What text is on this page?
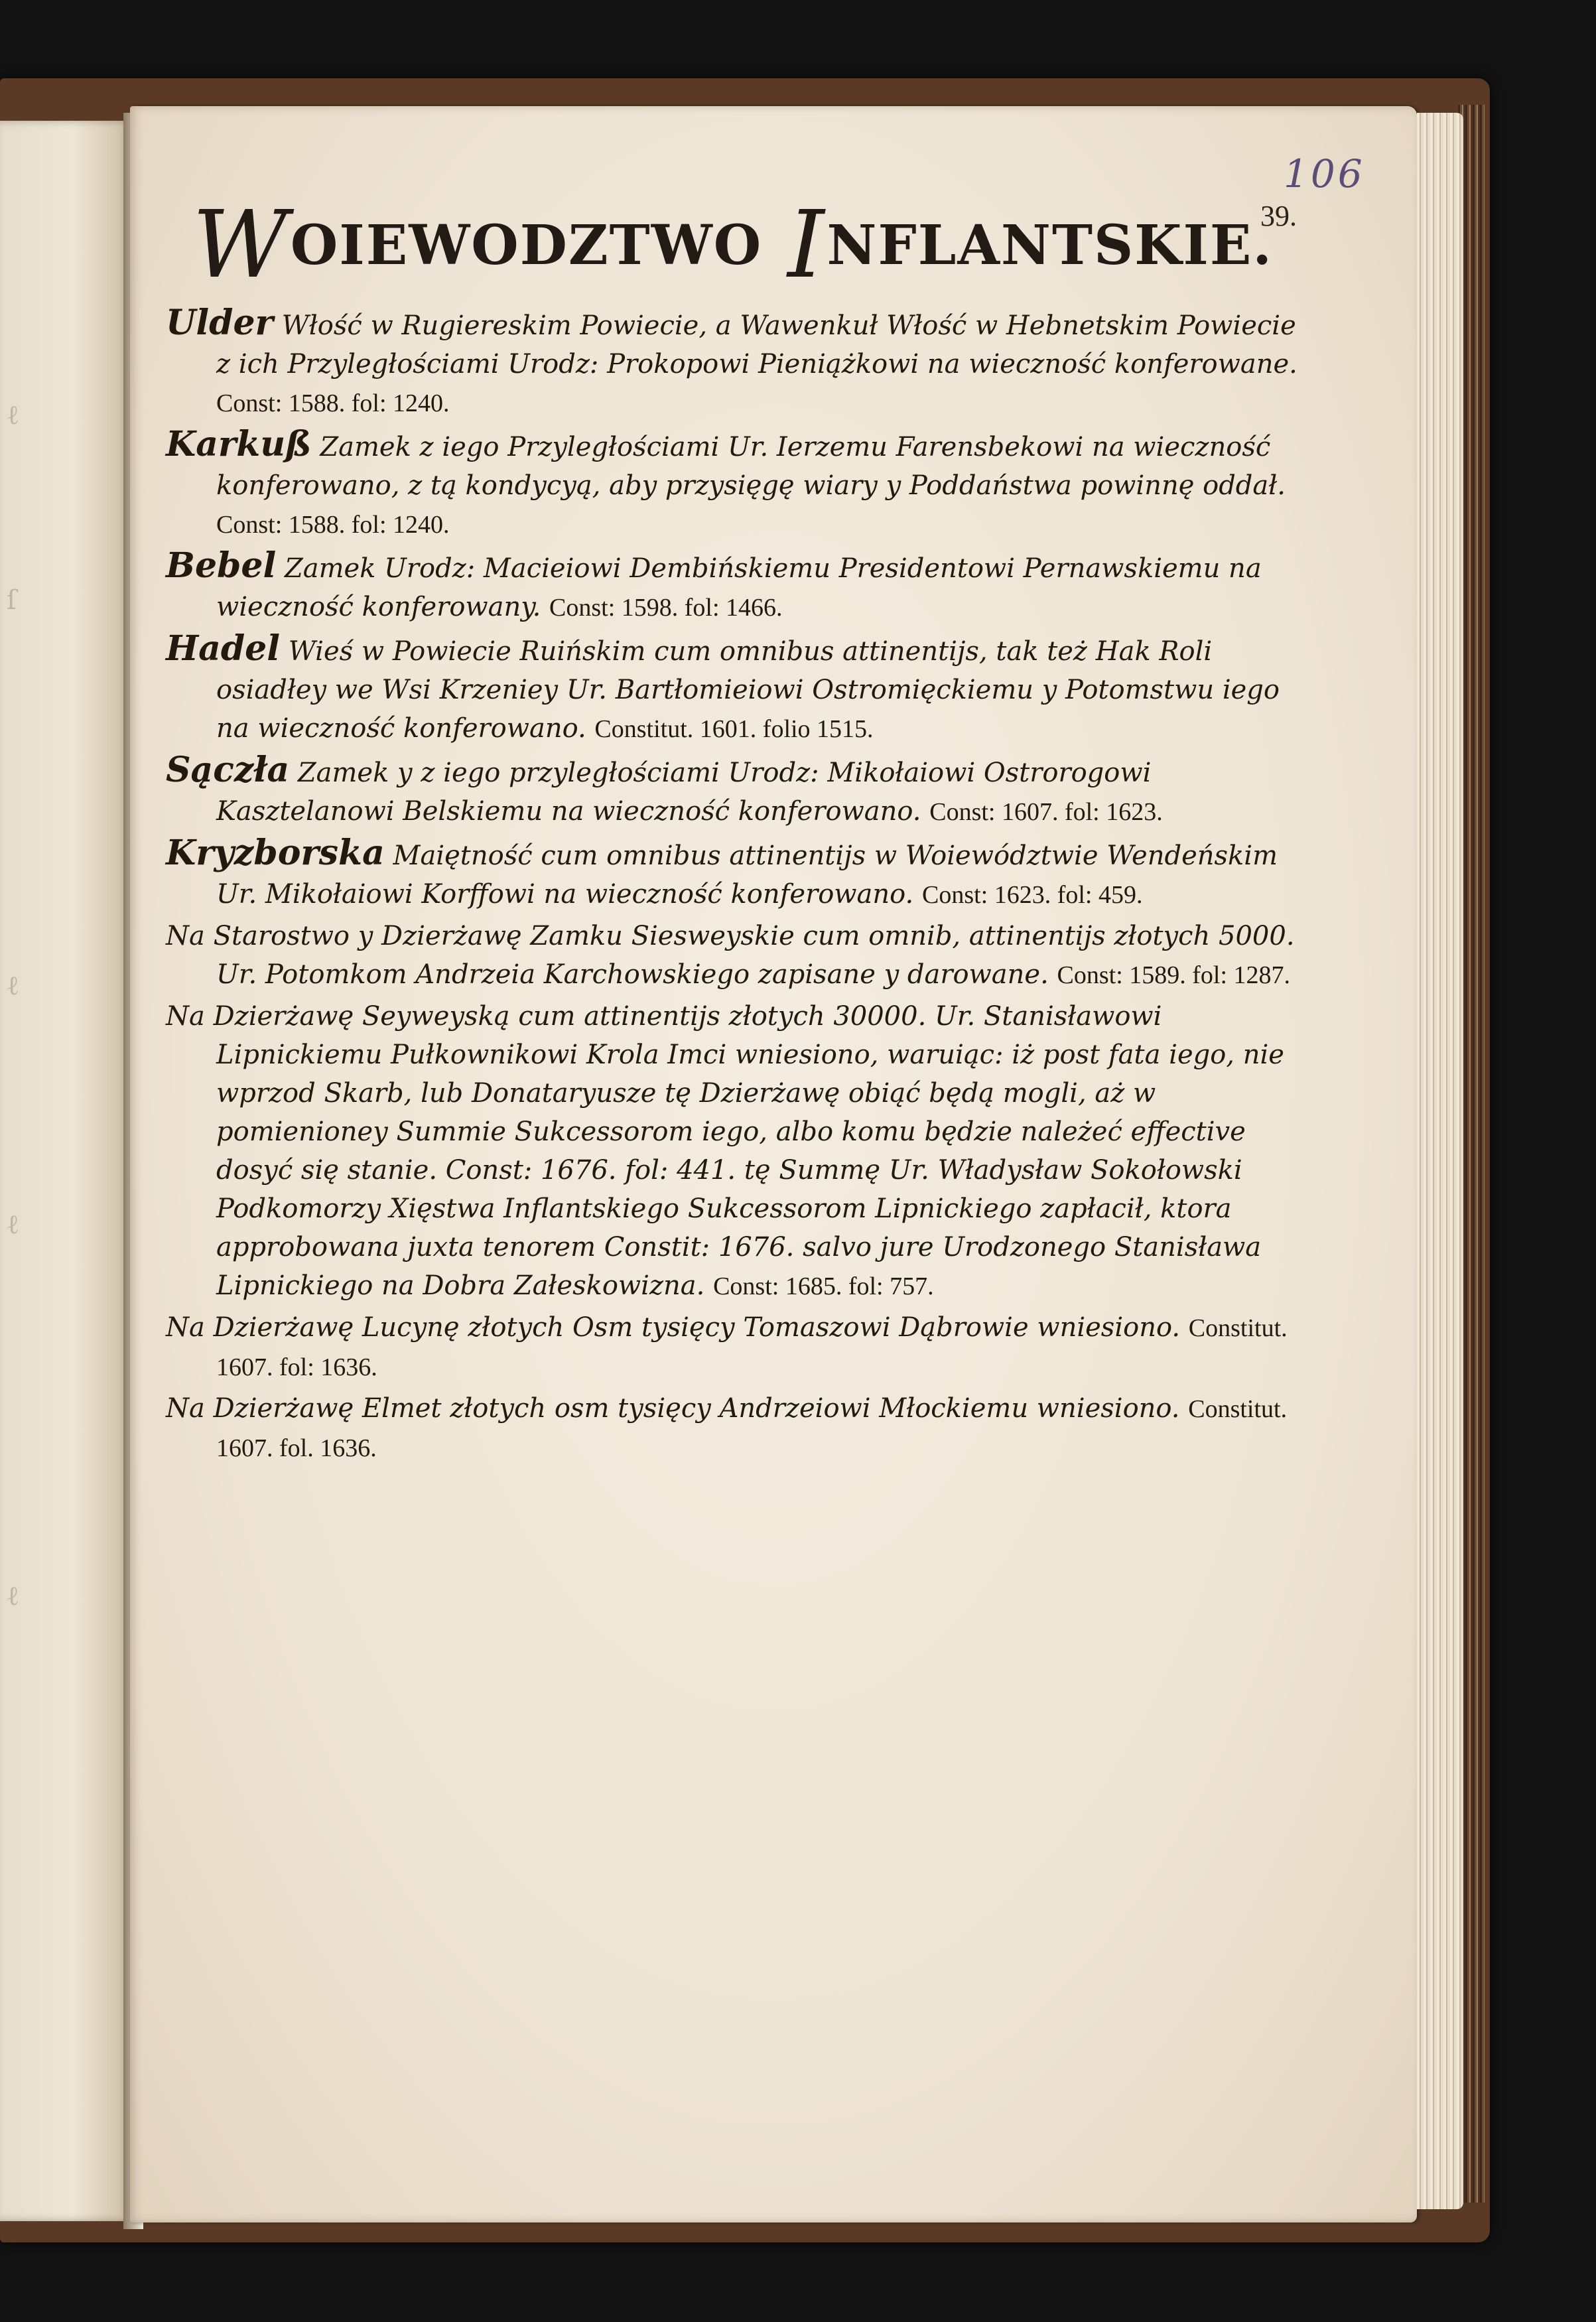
ℓ
ſ
ℓ
ℓ
ℓ
106
39.
W OIEWODZTWO I NFLANTSKIE.

Ulder Włość w Rugiereskim Powiecie, a Wawenkuł Włość w Hebnetskim Powiecie z ich Przyległościami Urodz: Prokopowi Pieniążkowi na wieczność konferowane. Const: 1588. fol: 1240.

Karkuß Zamek z iego Przyległościami Ur. Ierzemu Farensbekowi na wieczność konferowano, z tą kondycyą, aby przysięgę wiary y Poddaństwa powinnę oddał. Const: 1588. fol: 1240.

Bebel Zamek Urodz: Macieiowi Dembińskiemu Presidentowi Pernawskiemu na wieczność konferowany. Const: 1598. fol: 1466.

Hadel Wieś w Powiecie Ruińskim cum omnibus attinentijs, tak też Hak Roli osiadłey we Wsi Krzeniey Ur. Bartłomieiowi Ostromięckiemu y Potomstwu iego na wieczność konferowano. Constitut. 1601. folio 1515.

Sączła Zamek y z iego przyległościami Urodz: Mikołaiowi Ostrorogowi Kasztelanowi Belskiemu na wieczność konferowano. Const: 1607. fol: 1623.

Kryzborska Maiętność cum omnibus attinentijs w Woiewództwie Wendeńskim Ur. Mikołaiowi Korffowi na wieczność konferowano. Const: 1623. fol: 459.

Na Starostwo y Dzierżawę Zamku Siesweyskie cum omnib, attinentijs złotych 5000. Ur. Potomkom Andrzeia Karchowskiego zapisane y darowane. Const: 1589. fol: 1287.

Na Dzierżawę Seyweyską cum attinentijs złotych 30000. Ur. Stanisławowi Lipnickiemu Pułkownikowi Krola Imci wniesiono, waruiąc: iż post fata iego, nie wprzod Skarb, lub Donataryusze tę Dzierżawę obiąć będą mogli, aż w pomienioney Summie Sukcessorom iego, albo komu będzie należeć effective dosyć się stanie. Const: 1676. fol: 441. tę Summę Ur. Władysław Sokołowski Podkomorzy Xięstwa Inflantskiego Sukcessorom Lipnickiego zapłacił, ktora approbowana juxta tenorem Constit: 1676. salvo jure Urodzonego Stanisława Lipnickiego na Dobra Załeskowizna. Const: 1685. fol: 757.

Na Dzierżawę Lucynę złotych Osm tysięcy Tomaszowi Dąbrowie wniesiono. Constitut. 1607. fol: 1636.

Na Dzierżawę Elmet złotych osm tysięcy Andrzeiowi Młockiemu wniesiono. Constitut. 1607. fol. 1636.
